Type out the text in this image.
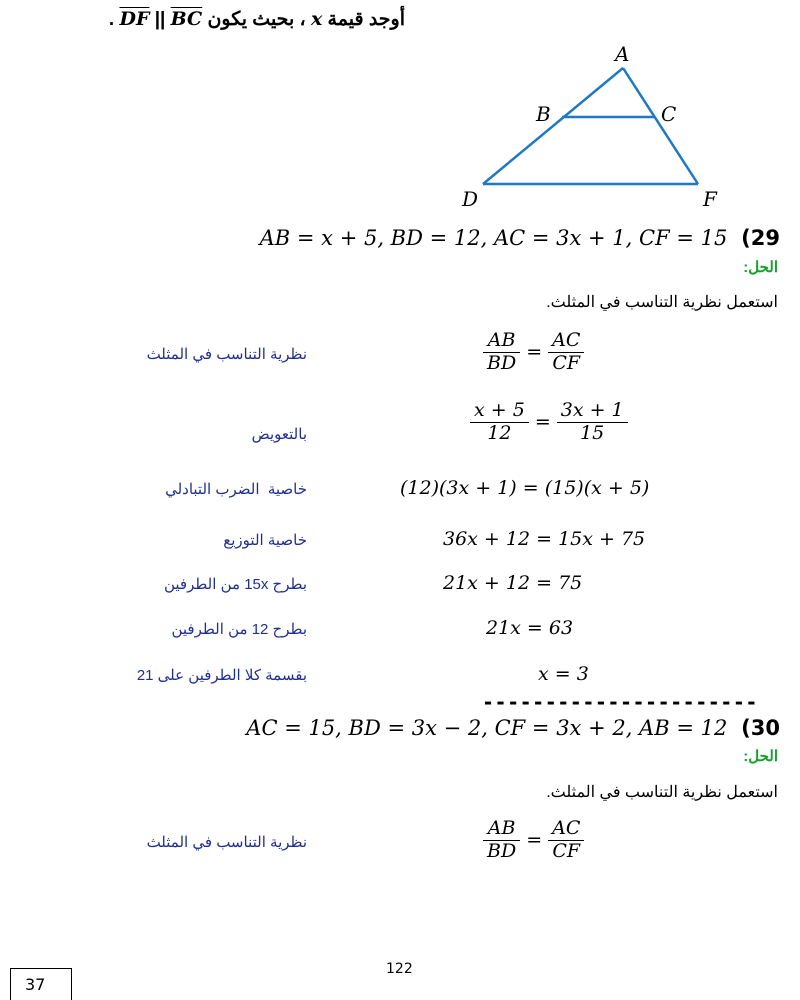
أوجد قيمة x ، بحيث يكون DF || BC .
A
B	C
D	F
AB = x + 5, BD = 12, AC = 3x + 1, CF = 15 (29
الحل:
استعمل نظرية التناسب في المثلث.
نظرية التناسب في المثلث	$\frac{AB}{BD} = \frac{AC}{CF}$
بالتعويض	$\frac{x + 5}{12} = \frac{3x + 1}{15}$
خاصية  الضرب التبادلي	(12)(3x + 1) = (15)(x + 5)
خاصية التوزيع	36x + 12 = 15x + 75
بطرح 15x من الطرفين	21x + 12 = 75
بطرح 12 من الطرفين	21x = 63
بقسمة كلا الطرفين على 21	x = 3
----------------------
AC = 15, BD = 3x − 2, CF = 3x + 2, AB = 12 (30
الحل:
استعمل نظرية التناسب في المثلث.
نظرية التناسب في المثلث	$\frac{AB}{BD} = \frac{AC}{CF}$
122
37
